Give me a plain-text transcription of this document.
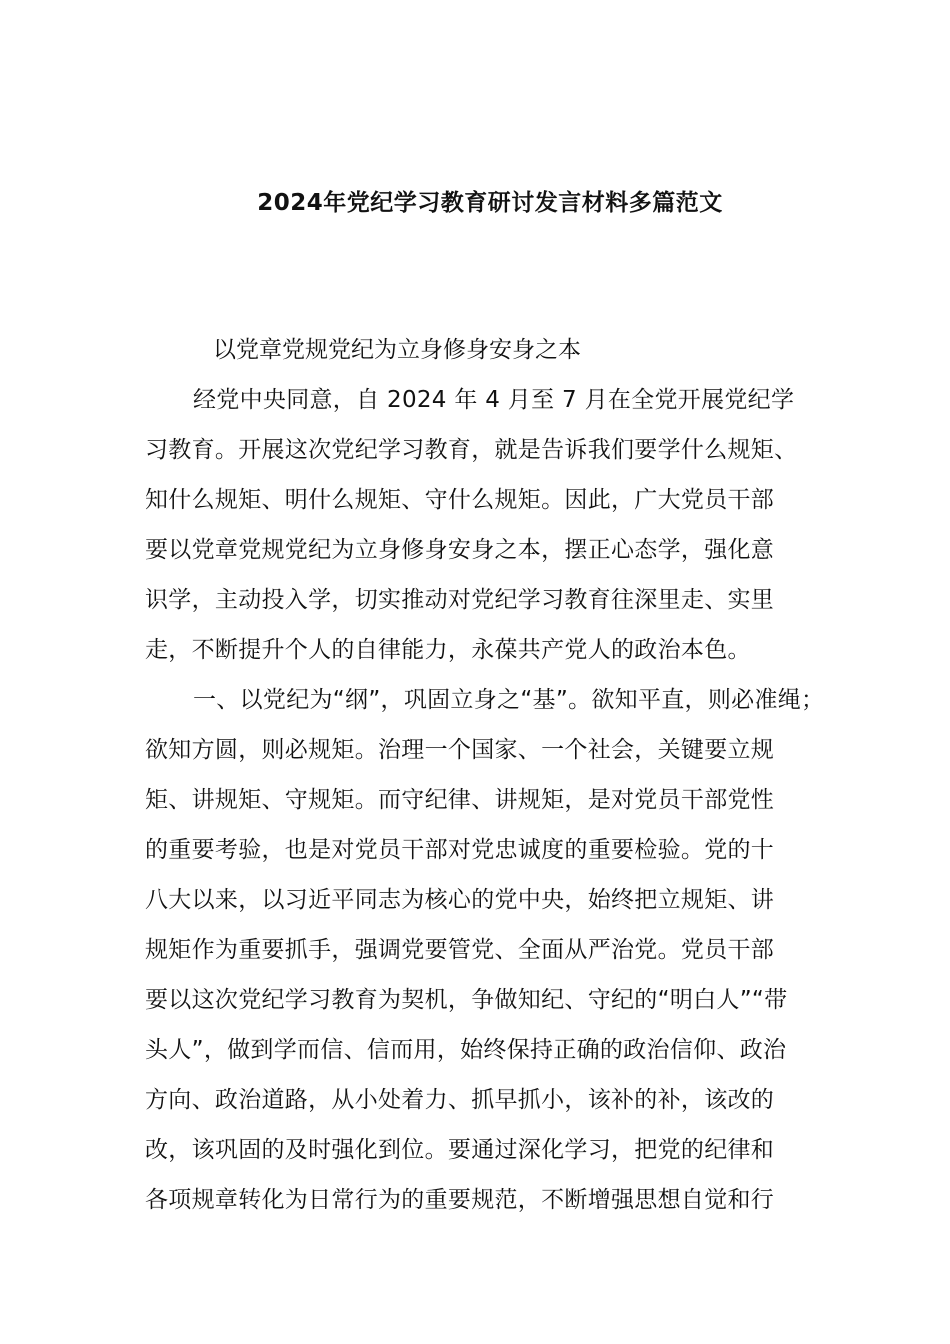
2024年党纪学习教育研讨发言材料多篇范文

以党章党规党纪为立身修身安身之本

经党中央同意，自 2024 年 4 月至 7 月在全党开展党纪学

习教育。开展这次党纪学习教育，就是告诉我们要学什么规矩、

知什么规矩、明什么规矩、守什么规矩。因此，广大党员干部

要以党章党规党纪为立身修身安身之本，摆正心态学，强化意

识学，主动投入学，切实推动对党纪学习教育往深里走、实里

走，不断提升个人的自律能力，永葆共产党人的政治本色。

一、以党纪为“纲”，巩固立身之“基”。欲知平直，则必准绳；

欲知方圆，则必规矩。治理一个国家、一个社会，关键要立规

矩、讲规矩、守规矩。而守纪律、讲规矩，是对党员干部党性

的重要考验，也是对党员干部对党忠诚度的重要检验。党的十

八大以来，以习近平同志为核心的党中央，始终把立规矩、讲

规矩作为重要抓手，强调党要管党、全面从严治党。党员干部

要以这次党纪学习教育为契机，争做知纪、守纪的“明白人”“带

头人”，做到学而信、信而用，始终保持正确的政治信仰、政治

方向、政治道路，从小处着力、抓早抓小，该补的补，该改的

改，该巩固的及时强化到位。要通过深化学习，把党的纪律和

各项规章转化为日常行为的重要规范，不断增强思想自觉和行
